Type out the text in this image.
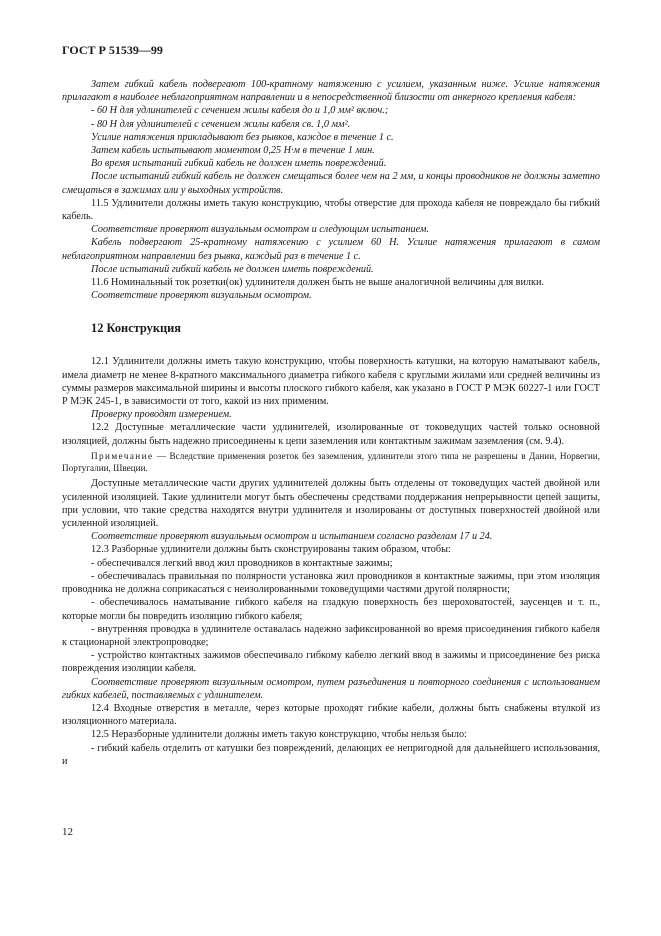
ГОСТ Р 51539—99

Затем гибкий кабель подвергают 100-кратному натяжению с усилием, указанным ниже. Усилие натяжения прилагают в наиболее неблагоприятном направлении и в непосредственной близости от анкерного крепления кабеля:

- 60 Н для удлинителей с сечением жилы кабеля до и 1,0 мм² включ.;

- 80 Н для удлинителей с сечением жилы кабеля св. 1,0 мм².

Усилие натяжения прикладывают без рывков, каждое в течение 1 с.

Затем кабель испытывают моментом 0,25 Н·м в течение 1 мин.

Во время испытаний гибкий кабель не должен иметь повреждений.

После испытаний гибкий кабель не должен смещаться более чем на 2 мм, и концы проводников не должны заметно смещаться в зажимах или у выходных устройств.

11.5 Удлинители должны иметь такую конструкцию, чтобы отверстие для прохода кабеля не повреждало бы гибкий кабель.

Соответствие проверяют визуальным осмотром и следующим испытанием.

Кабель подвергают 25-кратному натяжению с усилием 60 Н. Усилие натяжения прилагают в самом неблагоприятном направлении без рывка, каждый раз в течение 1 с.

После испытаний гибкий кабель не должен иметь повреждений.

11.6 Номинальный ток розетки(ок) удлинителя должен быть не выше аналогичной величины для вилки.

Соответствие проверяют визуальным осмотром.

12 Конструкция

12.1 Удлинители должны иметь такую конструкцию, чтобы поверхность катушки, на которую наматывают кабель, имела диаметр не менее 8-кратного максимального диаметра гибкого кабеля с круглыми жилами или средней величины из суммы размеров максимальной ширины и высоты плоского гибкого кабеля, как указано в ГОСТ Р МЭК 60227-1 или ГОСТ Р МЭК 245-1, в зависимости от того, какой из них применим.

Проверку проводят измерением.

12.2 Доступные металлические части удлинителей, изолированные от токоведущих частей только основной изоляцией, должны быть надежно присоединены к цепи заземления или контактным зажимам заземления (см. 9.4).

Примечание — Вследствие применения розеток без заземления, удлинители этого типа не разрешены в Дании, Норвегии, Португалии, Швеции.

Доступные металлические части других удлинителей должны быть отделены от токоведущих частей двойной или усиленной изоляцией. Такие удлинители могут быть обеспечены средствами поддержания непрерывности цепей защиты, при условии, что такие средства находятся внутри удлинителя и изолированы от доступных поверхностей двойной или усиленной изоляцией.

Соответствие проверяют визуальным осмотром и испытанием согласно разделам 17 и 24.

12.3 Разборные удлинители должны быть сконструированы таким образом, чтобы:

- обеспечивался легкий ввод жил проводников в контактные зажимы;

- обеспечивалась правильная по полярности установка жил проводников в контактные зажимы, при этом изоляция проводника не должна соприкасаться с неизолированными токоведущими частями другой полярности;

- обеспечивалось наматывание гибкого кабеля на гладкую поверхность без шероховатостей, заусенцев и т. п., которые могли бы повредить изоляцию гибкого кабеля;

- внутренняя проводка в удлинителе оставалась надежно зафиксированной во время присоединения гибкого кабеля к стационарной электропроводке;

- устройство контактных зажимов обеспечивало гибкому кабелю легкий ввод в зажимы и присоединение без риска повреждения изоляции кабеля.

Соответствие проверяют визуальным осмотром, путем разъединения и повторного соединения с использованием гибких кабелей, поставляемых с удлинителем.

12.4 Входные отверстия в металле, через которые проходят гибкие кабели, должны быть снабжены втулкой из изоляционного материала.

12.5 Неразборные удлинители должны иметь такую конструкцию, чтобы нельзя было:

- гибкий кабель отделить от катушки без повреждений, делающих ее непригодной для дальнейшего использования, и

12
